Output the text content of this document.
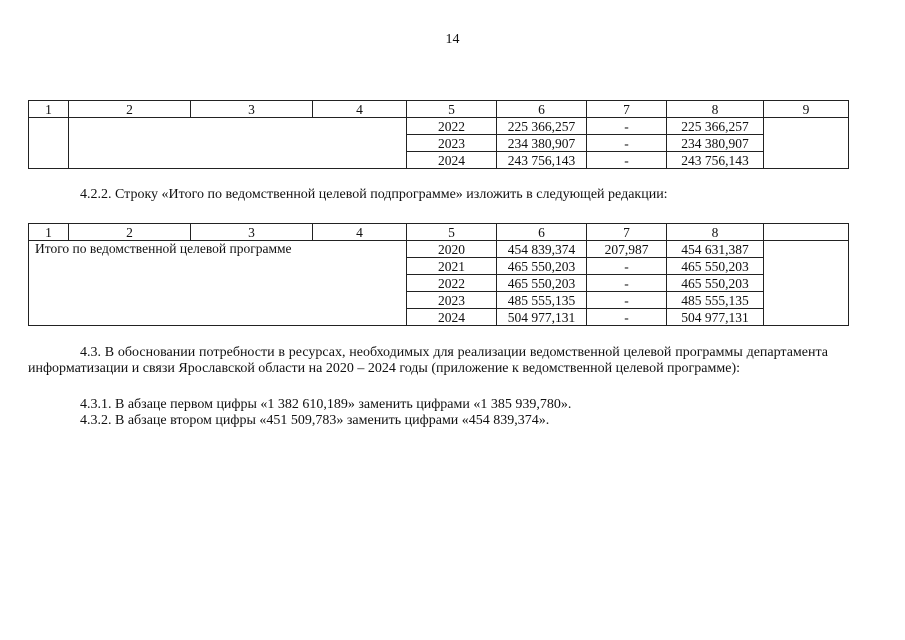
14
1	2	3	4	5	6	7	8	9
				2022	225 366,257	-	225 366,257	
				2023	234 380,907	-	234 380,907	
				2024	243 756,143	-	243 756,143	

4.2.2. Строку «Итого по ведомственной целевой подпрограмме» изложить в следующей редакции:

1	2	3	4	5	6	7	8	
Итого по ведомственной целевой программе				2020	454 839,374	207,987	454 631,387	
				2021	465 550,203	-	465 550,203	
				2022	465 550,203	-	465 550,203	
				2023	485 555,135	-	485 555,135	
				2024	504 977,131	-	504 977,131	

4.3. В обосновании потребности в ресурсах, необходимых для реализации ведомственной целевой программы департамента информатизации и связи Ярославской области на 2020 – 2024 годы (приложение к ведомственной целевой программе):

4.3.1. В абзаце первом цифры «1 382 610,189» заменить цифрами «1 385 939,780».

4.3.2. В абзаце втором цифры «451 509,783» заменить цифрами «454 839,374».
